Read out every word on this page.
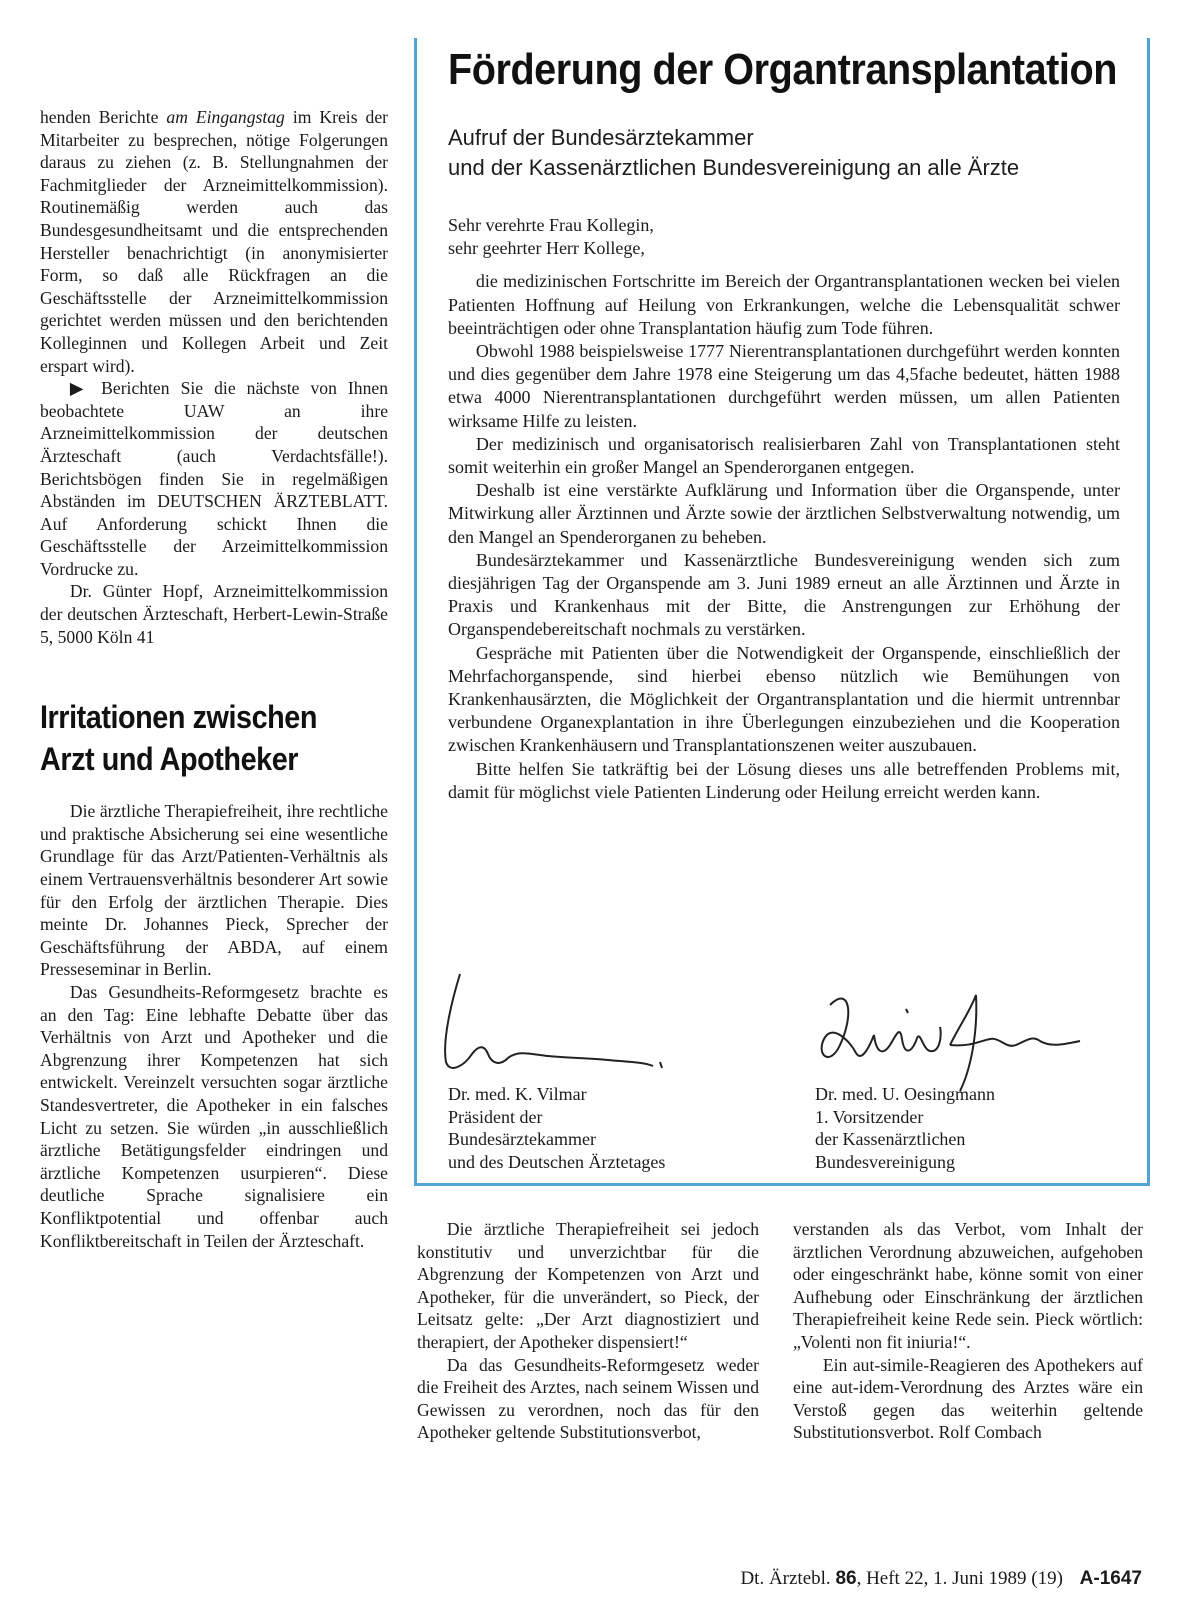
henden Berichte am Eingangstag im Kreis der Mitarbeiter zu besprechen, nötige Folgerungen daraus zu ziehen (z. B. Stellungnahmen der Fachmitglieder der Arzneimittelkommission). Routinemäßig werden auch das Bundesgesundheitsamt und die entsprechenden Hersteller benachrichtigt (in anonymisierter Form, so daß alle Rückfragen an die Geschäftsstelle der Arzneimittelkommission gerichtet werden müssen und den berichtenden Kolleginnen und Kollegen Arbeit und Zeit erspart wird).

▶ Berichten Sie die nächste von Ihnen beobachtete UAW an ihre Arzneimittelkommission der deutschen Ärzteschaft (auch Verdachtsfälle!). Berichtsbögen finden Sie in regelmäßigen Abständen im DEUTSCHEN ÄRZTEBLATT. Auf Anforderung schickt Ihnen die Geschäftsstelle der Arzeimittelkommission Vordrucke zu.

Dr. Günter Hopf, Arzneimittelkommission der deutschen Ärzteschaft, Herbert-Lewin-Straße 5, 5000 Köln 41

Irritationen zwischen
Arzt und Apotheker

Die ärztliche Therapiefreiheit, ihre rechtliche und praktische Absicherung sei eine wesentliche Grundlage für das Arzt/Patienten-Verhältnis als einem Vertrauensverhältnis besonderer Art sowie für den Erfolg der ärztlichen Therapie. Dies meinte Dr. Johannes Pieck, Sprecher der Geschäftsführung der ABDA, auf einem Presseseminar in Berlin.

Das Gesundheits-Reformgesetz brachte es an den Tag: Eine lebhafte Debatte über das Verhältnis von Arzt und Apotheker und die Abgrenzung ihrer Kompetenzen hat sich entwickelt. Vereinzelt versuchten sogar ärztliche Standesvertreter, die Apotheker in ein falsches Licht zu setzen. Sie würden „in ausschließlich ärztliche Betätigungsfelder eindringen und ärztliche Kompetenzen usurpieren“. Diese deutliche Sprache signalisiere ein Konfliktpotential und offenbar auch Konfliktbereitschaft in Teilen der Ärzteschaft.

Förderung der Organtransplantation
Aufruf der Bundesärztekammer
und der Kassenärztlichen Bundesvereinigung an alle Ärzte

Sehr verehrte Frau Kollegin,

sehr geehrter Herr Kollege,

die medizinischen Fortschritte im Bereich der Organtransplantationen wecken bei vielen Patienten Hoffnung auf Heilung von Erkrankungen, welche die Lebensqualität schwer beeinträchtigen oder ohne Transplantation häufig zum Tode führen.

Obwohl 1988 beispielsweise 1777 Nierentransplantationen durchgeführt werden konnten und dies gegenüber dem Jahre 1978 eine Steigerung um das 4,5fache bedeutet, hätten 1988 etwa 4000 Nierentransplantationen durchgeführt werden müssen, um allen Patienten wirksame Hilfe zu leisten.

Der medizinisch und organisatorisch realisierbaren Zahl von Transplantationen steht somit weiterhin ein großer Mangel an Spenderorganen entgegen.

Deshalb ist eine verstärkte Aufklärung und Information über die Organspende, unter Mitwirkung aller Ärztinnen und Ärzte sowie der ärztlichen Selbstverwaltung notwendig, um den Mangel an Spenderorganen zu beheben.

Bundesärztekammer und Kassenärztliche Bundesvereinigung wenden sich zum diesjährigen Tag der Organspende am 3. Juni 1989 erneut an alle Ärztinnen und Ärzte in Praxis und Krankenhaus mit der Bitte, die Anstrengungen zur Erhöhung der Organspendebereitschaft nochmals zu verstärken.

Gespräche mit Patienten über die Notwendigkeit der Organspende, einschließlich der Mehrfachorganspende, sind hierbei ebenso nützlich wie Bemühungen von Krankenhausärzten, die Möglichkeit der Organtransplantation und die hiermit untrennbar verbundene Organexplantation in ihre Überlegungen einzubeziehen und die Kooperation zwischen Krankenhäusern und Transplantationszenen weiter auszubauen.

Bitte helfen Sie tatkräftig bei der Lösung dieses uns alle betreffenden Problems mit, damit für möglichst viele Patienten Linderung oder Heilung erreicht werden kann.

Dr. med. K. Vilmar
Präsident der
Bundesärztekammer
und des Deutschen Ärztetages
Dr. med. U. Oesingmann
1. Vorsitzender
der Kassenärztlichen
Bundesvereinigung

Die ärztliche Therapiefreiheit sei jedoch konstitutiv und unverzichtbar für die Abgrenzung der Kompetenzen von Arzt und Apotheker, für die unverändert, so Pieck, der Leitsatz gelte: „Der Arzt diagnostiziert und therapiert, der Apotheker dispensiert!“

Da das Gesundheits-Reformgesetz weder die Freiheit des Arztes, nach seinem Wissen und Gewissen zu verordnen, noch das für den Apotheker geltende Substitutionsverbot,

verstanden als das Verbot, vom Inhalt der ärztlichen Verordnung abzuweichen, aufgehoben oder eingeschränkt habe, könne somit von einer Aufhebung oder Einschränkung der ärztlichen Therapiefreiheit keine Rede sein. Pieck wörtlich: „Volenti non fit iniuria!“.

Ein aut-simile-Reagieren des Apothekers auf eine aut-idem-Verordnung des Arztes wäre ein Verstoß gegen das weiterhin geltende Substitutionsverbot. Rolf Combach

Dt. Ärztebl. 86, Heft 22, 1. Juni 1989 (19) A-1647
